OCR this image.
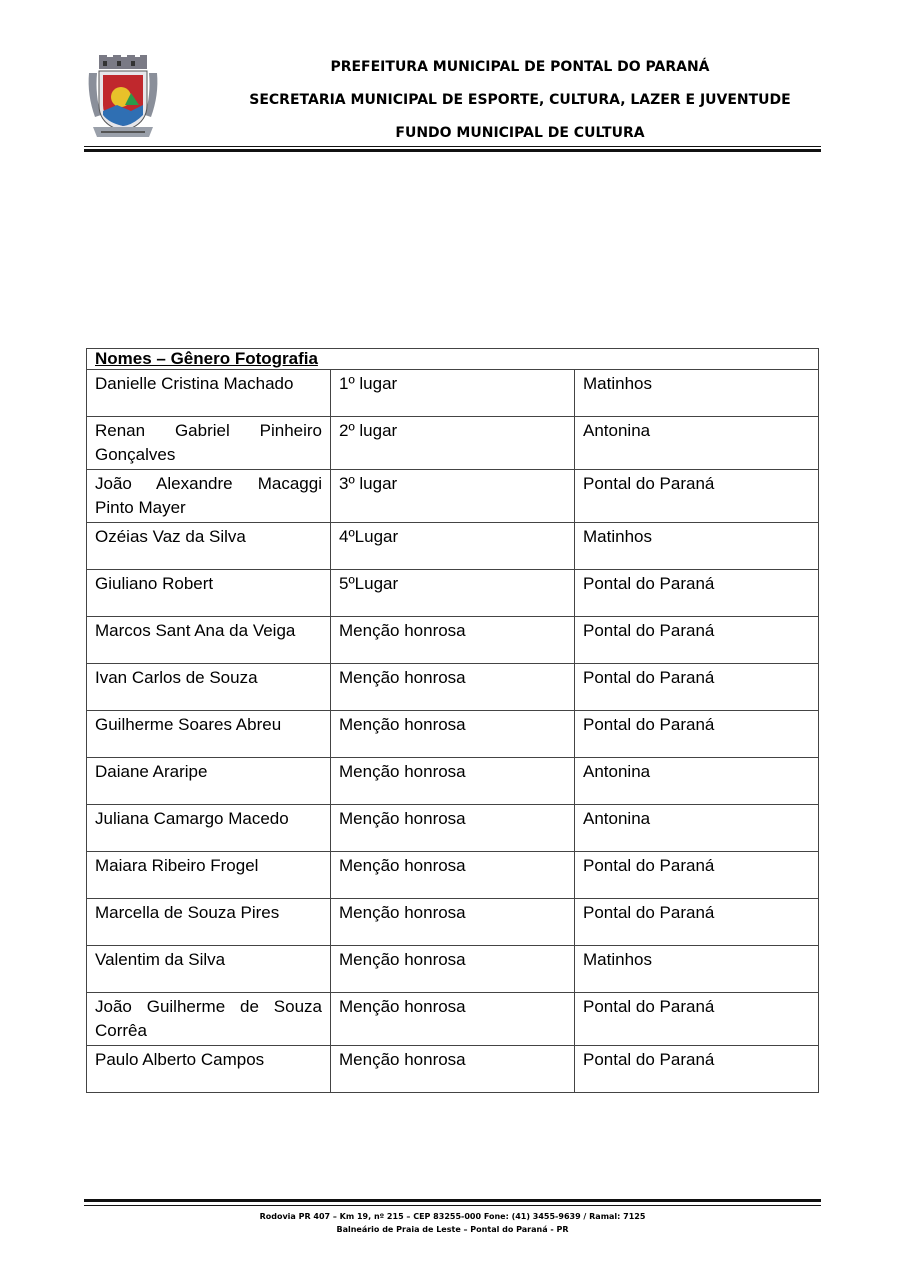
PREFEITURA MUNICIPAL DE PONTAL DO PARANÁ
SECRETARIA MUNICIPAL DE ESPORTE, CULTURA, LAZER E JUVENTUDE
FUNDO MUNICIPAL DE CULTURA
Nomes – Gênero Fotografia		
Danielle Cristina Machado	1º lugar	Matinhos
Renan Gabriel Pinheiro Gonçalves	2º lugar	Antonina
João Alexandre Macaggi Pinto Mayer	3º lugar	Pontal do Paraná
Ozéias Vaz da Silva	4ºLugar	Matinhos
Giuliano Robert	5ºLugar	Pontal do Paraná
Marcos Sant Ana da Veiga	Menção honrosa	Pontal do Paraná
Ivan Carlos de Souza	Menção honrosa	Pontal do Paraná
Guilherme Soares Abreu	Menção honrosa	Pontal do Paraná
Daiane Araripe	Menção honrosa	Antonina
Juliana Camargo Macedo	Menção honrosa	Antonina
Maiara Ribeiro Frogel	Menção honrosa	Pontal do Paraná
Marcella de Souza Pires	Menção honrosa	Pontal do Paraná
Valentim da Silva	Menção honrosa	Matinhos
João Guilherme de Souza Corrêa	Menção honrosa	Pontal do Paraná
Paulo Alberto Campos	Menção honrosa	Pontal do Paraná
Rodovia PR 407 – Km 19, nº 215 – CEP 83255-000 Fone: (41) 3455-9639 / Ramal: 7125
Balneário de Praia de Leste – Pontal do Paraná - PR
